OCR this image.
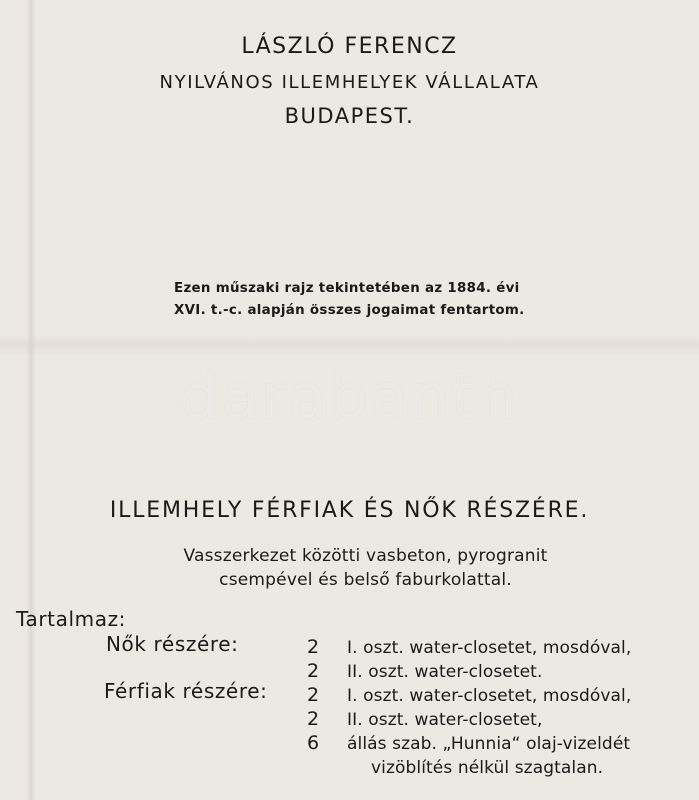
LÁSZLÓ FERENCZ
NYILVÁNOS ILLEMHELYEK VÁLLALATA
BUDAPEST.
Ezen műszaki rajz tekintetében az 1884. évi
XVI. t.-c. alapján összes jogaimat fentartom.
darabanth
ILLEMHELY FÉRFIAK ÉS NŐK RÉSZÉRE.
Vasszerkezet közötti vasbeton, pyrogranit
csempével és belső faburkolattal.
Tartalmaz:
Nők részére:
Férfiak részére:
2 I. oszt. water-closetet, mosdóval,
2 II. oszt. water-closetet.
2 I. oszt. water-closetet, mosdóval,
2 II. oszt. water-closetet,
6 állás szab. „Hunnia“ olaj-vizeldét
vizöblítés nélkül szagtalan.
